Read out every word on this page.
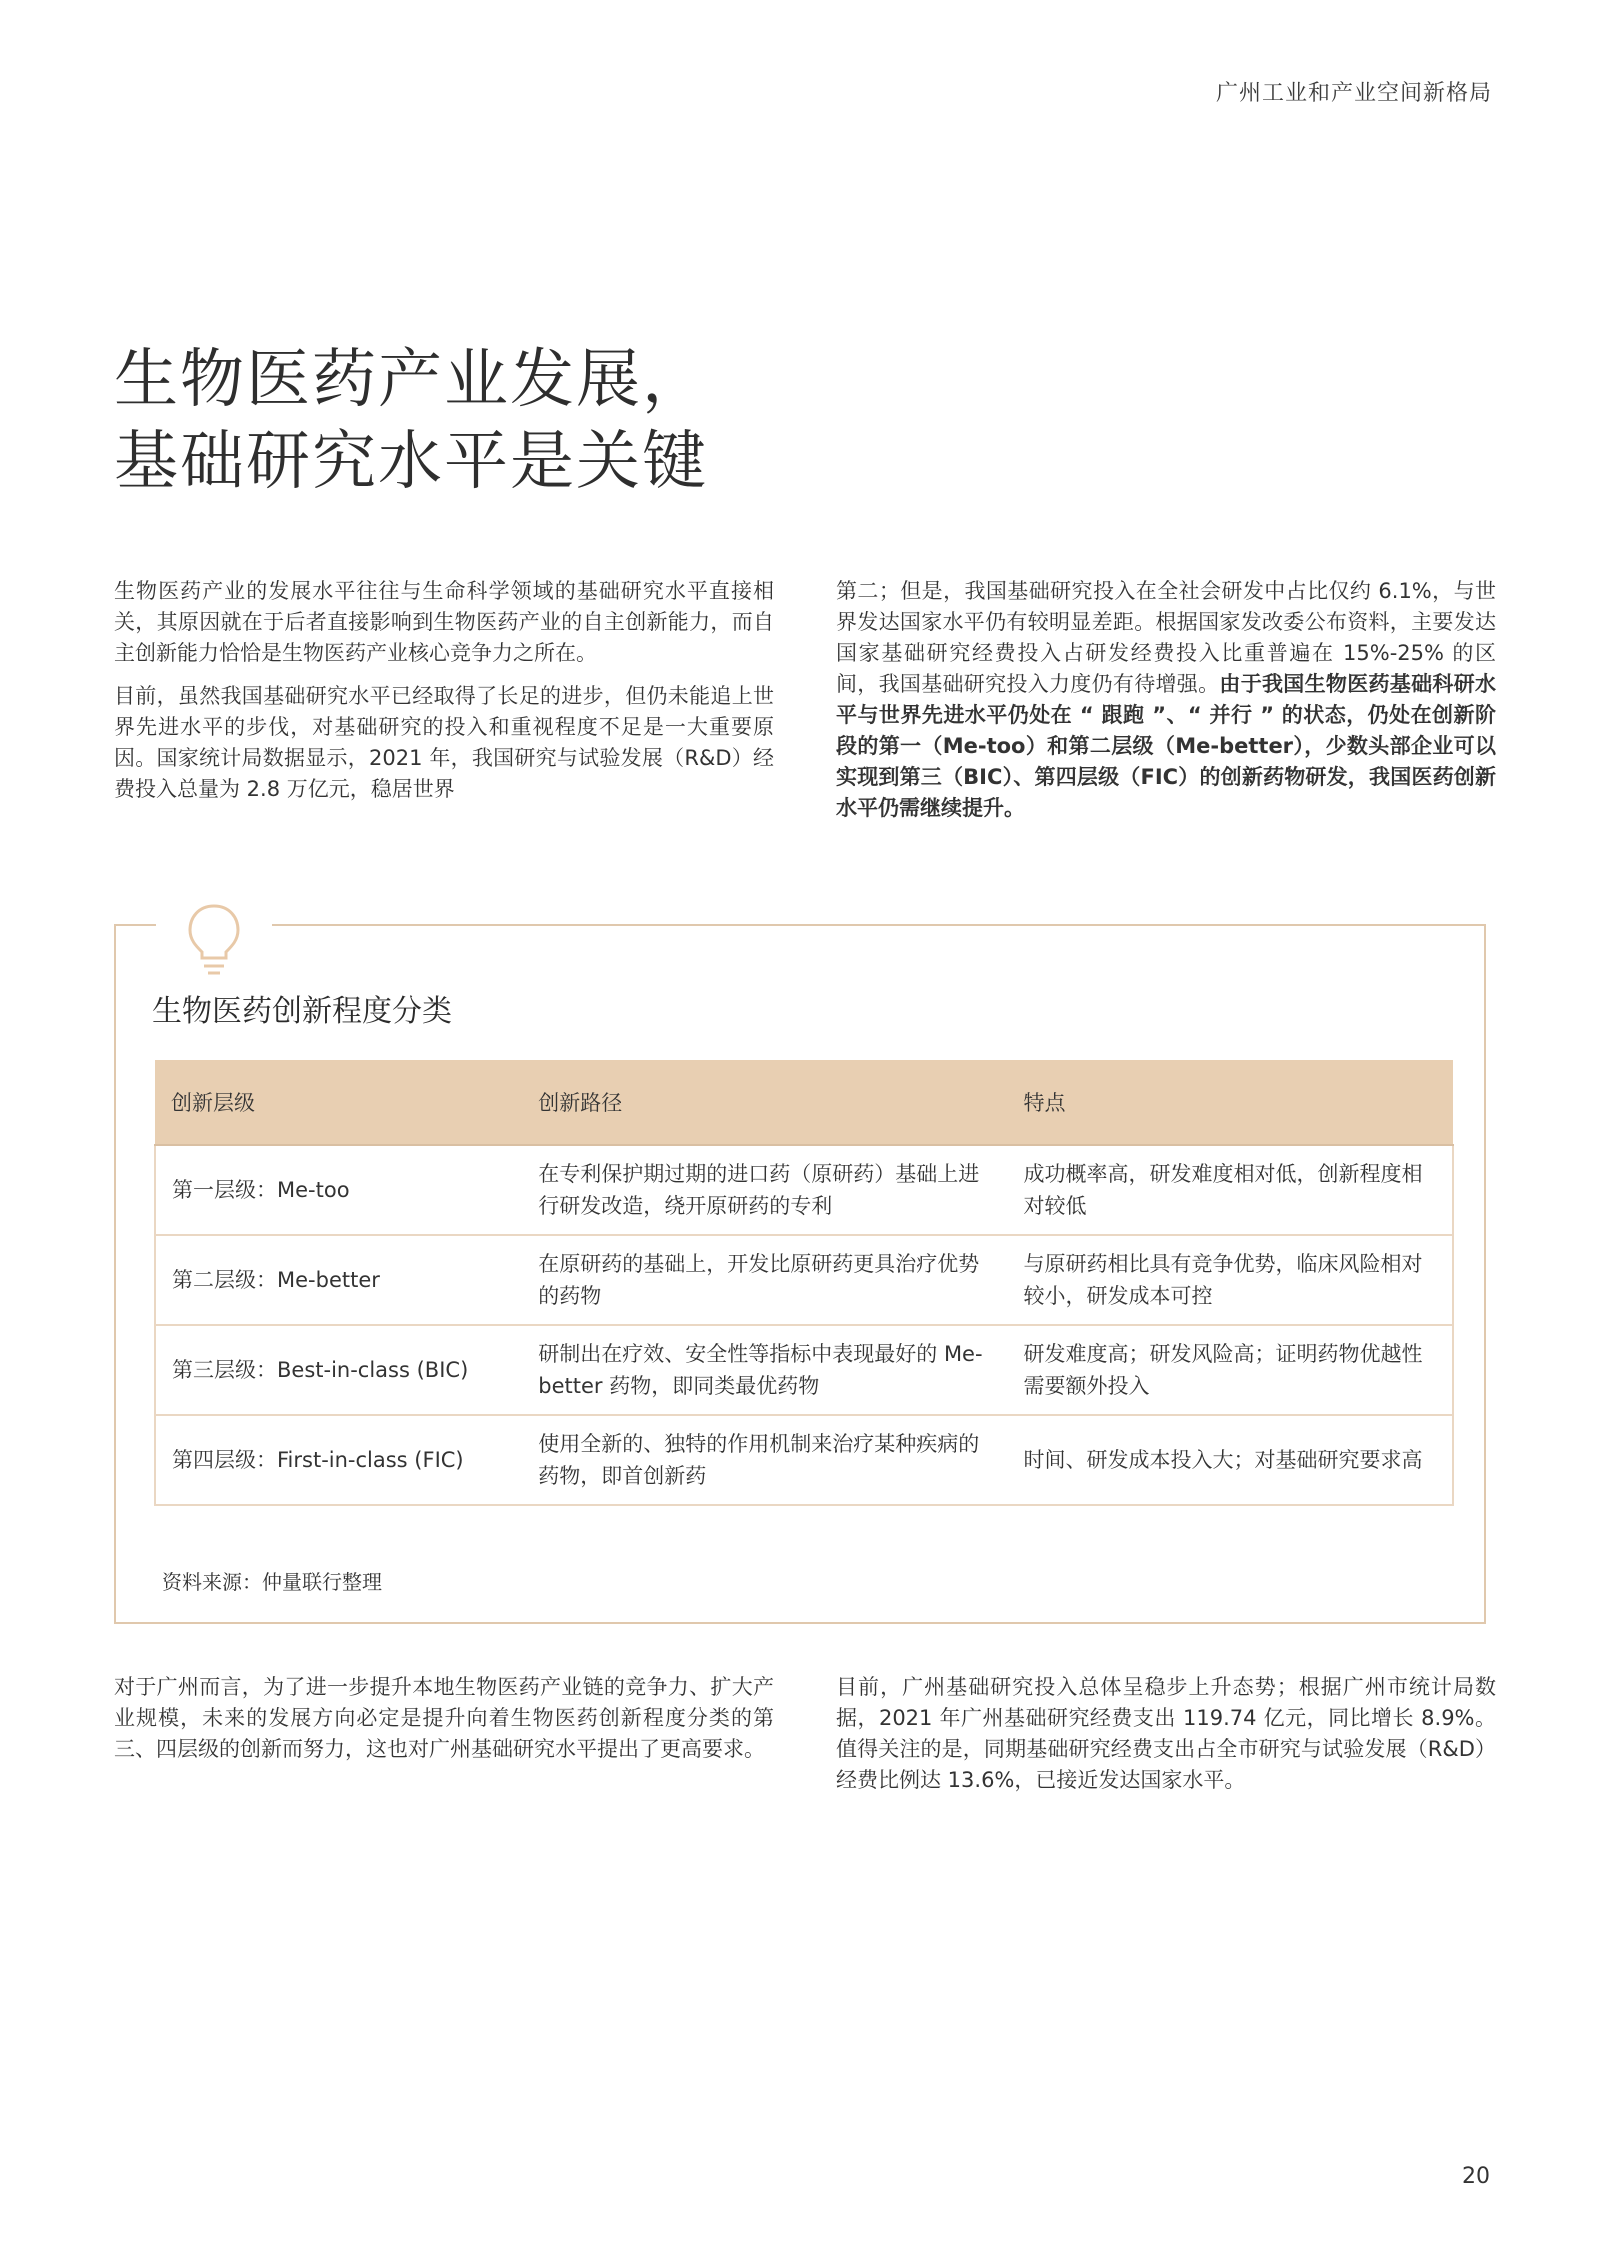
广州工业和产业空间新格局
生物医药产业发展，
基础研究水平是关键

生物医药产业的发展水平往往与生命科学领域的基础研究水平直接相关，其原因就在于后者直接影响到生物医药产业的自主创新能力，而自主创新能力恰恰是生物医药产业核心竞争力之所在。

目前，虽然我国基础研究水平已经取得了长足的进步，但仍未能追上世界先进水平的步伐，对基础研究的投入和重视程度不足是一大重要原因。国家统计局数据显示，2021 年，我国研究与试验发展（R&D）经费投入总量为 2.8 万亿元，稳居世界

第二；但是，我国基础研究投入在全社会研发中占比仅约 6.1%，与世界发达国家水平仍有较明显差距。根据国家发改委公布资料，主要发达国家基础研究经费投入占研发经费投入比重普遍在 15%-25% 的区间，我国基础研究投入力度仍有待增强。由于我国生物医药基础科研水平与世界先进水平仍处在 “ 跟跑 ”、“ 并行 ” 的状态，仍处在创新阶段的第一（Me-too）和第二层级（Me-better），少数头部企业可以实现到第三（BIC）、第四层级（FIC）的创新药物研发，我国医药创新水平仍需继续提升。

生物医药创新程度分类
创新层级	创新路径	特点
第一层级：Me-too	在专利保护期过期的进口药（原研药）基础上进行研发改造，绕开原研药的专利	成功概率高，研发难度相对低，创新程度相对较低
第二层级：Me-better	在原研药的基础上，开发比原研药更具治疗优势的药物	与原研药相比具有竞争优势，临床风险相对较小，研发成本可控
第三层级：Best-in-class (BIC)	研制出在疗效、安全性等指标中表现最好的 Me-better 药物，即同类最优药物	研发难度高；研发风险高；证明药物优越性需要额外投入
第四层级：First-in-class (FIC)	使用全新的、独特的作用机制来治疗某种疾病的药物，即首创新药	时间、研发成本投入大；对基础研究要求高
资料来源：仲量联行整理

对于广州而言，为了进一步提升本地生物医药产业链的竞争力、扩大产业规模，未来的发展方向必定是提升向着生物医药创新程度分类的第三、四层级的创新而努力，这也对广州基础研究水平提出了更高要求。

目前，广州基础研究投入总体呈稳步上升态势；根据广州市统计局数据，2021 年广州基础研究经费支出 119.74 亿元，同比增长 8.9%。值得关注的是，同期基础研究经费支出占全市研究与试验发展（R&D）经费比例达 13.6%，已接近发达国家水平。

20
